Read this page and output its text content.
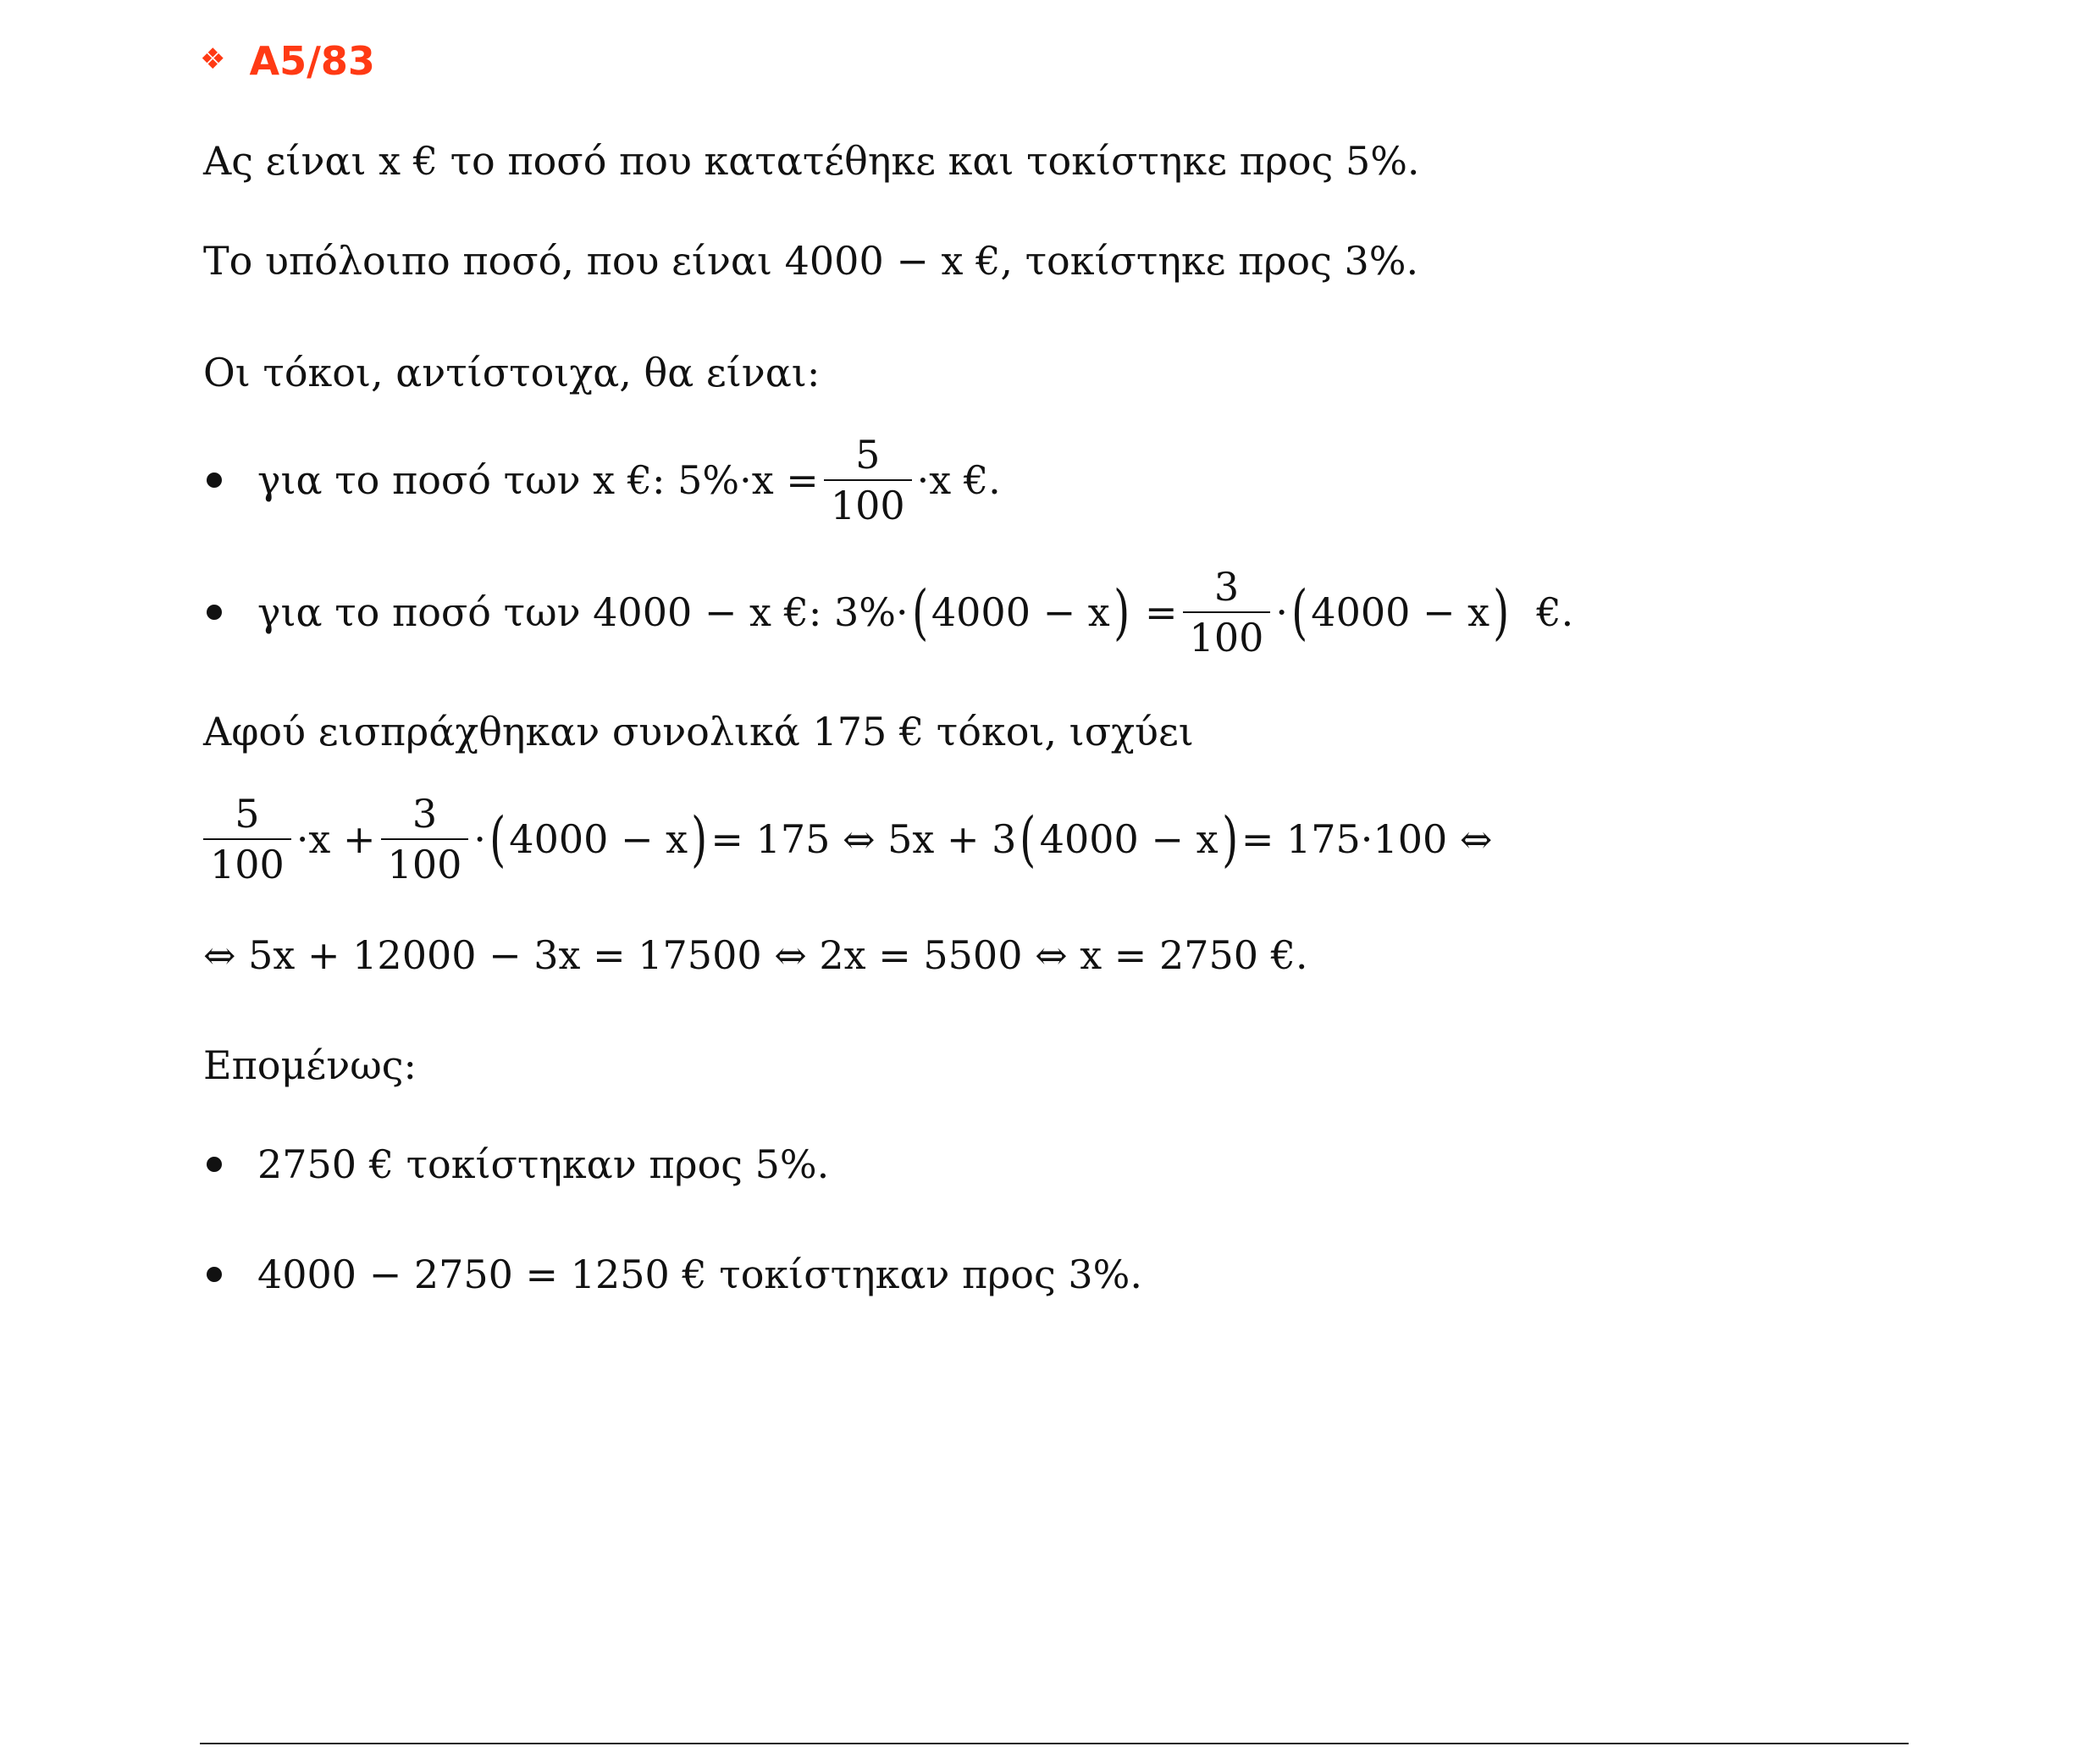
❖ A5/83
Ας είναι x € το ποσό που κατατέθηκε και τοκίστηκε προς 5%.
Το υπόλοιπο ποσό, που είναι 4000 − x €, τοκίστηκε προς 3%.
Οι τόκοι, αντίστοιχα, θα είναι:
για το ποσό των x €: $5\%\cdot x = \frac{5}{100} \cdot x$ €.
για το ποσό των 4000 − x €: 3%· ( 4000 − x ) = $\frac{3}{100}$ · ( 4000 − x ) €.
Αφού εισπράχθηκαν συνολικά 175 € τόκοι, ισχύει
$\frac{5}{100} \cdot x + \frac{3}{100}$ · ( 4000 − x ) = 175 ⇔ 5x + 3 ( 4000 − x ) = 175·100 ⇔
⇔ 5x + 12000 − 3x = 17500 ⇔ 2x = 5500 ⇔ x = 2750 €.
Επομένως:
2750 € τοκίστηκαν προς 5%.
4000 − 2750 = 1250 € τοκίστηκαν προς 3%.
